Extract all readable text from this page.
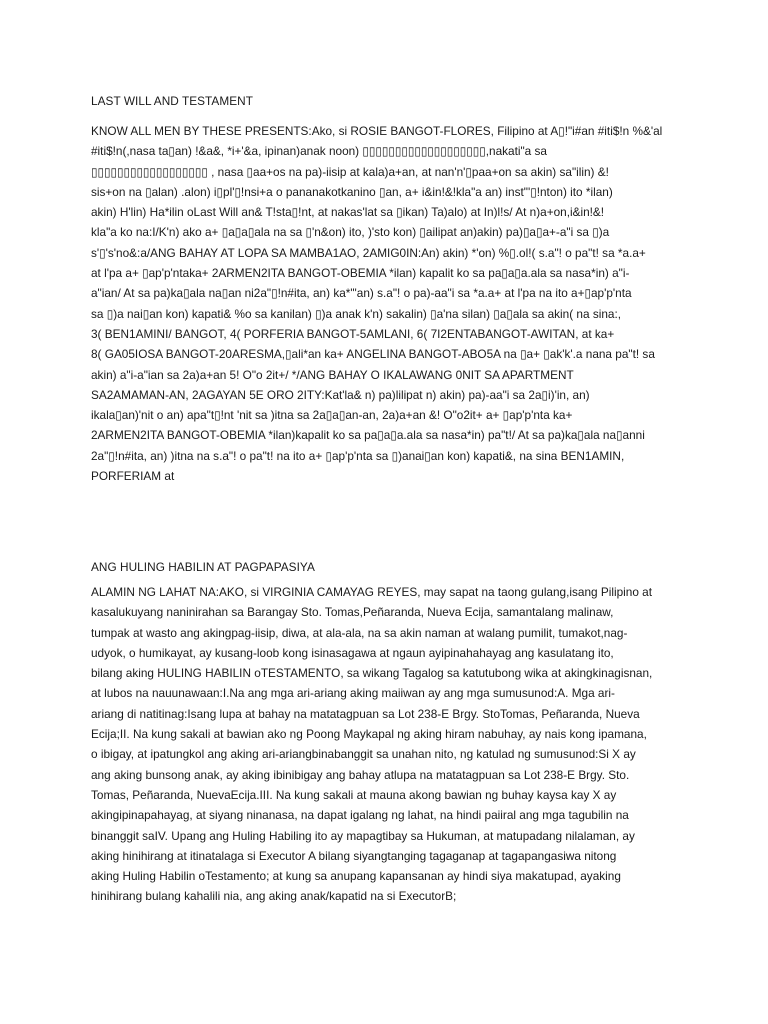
LAST WILL AND TESTAMENT
KNOW ALL MEN BY THESE PRESENTS:Ako, si ROSIE BANGOT-FLORES, Filipino at A▯!"i#an #iti$!n %&'al
#iti$!n(,nasa ta▯an) !&a&, *i+'&a, ipinan)anak noon) ▯▯▯▯▯▯▯▯▯▯▯▯▯▯▯▯▯▯▯,nakati"a sa
▯▯▯▯▯▯▯▯▯▯▯▯▯▯▯▯▯▯ , nasa ▯aa+os na pa)-iisip at kala)a+an, at nan'n'▯paa+on sa akin) sa"ilin) &!
sis+on na ▯alan) .alon) i▯pl'▯!nsi+a o pananakotkanino ▯an, a+ i&in!&!kla"a an) inst"'▯!nton) ito *ilan)
akin) H'lin) Ha*ilin oLast Will an& T!sta▯!nt, at nakas'lat sa ▯ikan) Ta)alo) at In)l!s/ At n)a+on,i&in!&!
kla"a ko na:I/K'n) ako a+ ▯a▯a▯ala na sa ▯'n&on) ito, )'sto kon) ▯ailipat an)akin) pa)▯a▯a+-a"i sa ▯)a
s'▯'s'no&:a/ANG BAHAY AT LOPA SA MAMBA1AO, 2AMIG0IN:An) akin) *'on) %▯.ol!( s.a"! o pa"t! sa *a.a+
at l'pa a+ ▯ap'p'ntaka+ 2ARMEN2ITA BANGOT-OBEMIA *ilan) kapalit ko sa pa▯a▯a.ala sa nasa*in) a"i-
a"ian/ At sa pa)ka▯ala na▯an ni2a"▯!n#ita, an) ka*"'an) s.a"! o pa)-aa"i sa *a.a+ at l'pa na ito a+▯ap'p'nta
sa ▯)a nai▯an kon) kapati& %o sa kanilan) ▯)a anak k'n) sakalin) ▯a'na silan) ▯a▯ala sa akin( na sina:,
3( BEN1AMINI/ BANGOT, 4( PORFERIA BANGOT-5AMLANI, 6( 7I2ENTABANGOT-AWITAN, at ka+
8( GA05IOSA BANGOT-20ARESMA,▯ali*an ka+ ANGELINA BANGOT-ABO5A na ▯a+ ▯ak'k'.a nana pa"t! sa
akin) a"i-a"ian sa 2a)a+an 5! O"o 2it+/ */ANG BAHAY O IKALAWANG 0NIT SA APARTMENT
SA2AMAMAN-AN, 2AGAYAN 5E ORO 2ITY:Kat'la& n) pa)lilipat n) akin) pa)-aa"i sa 2a▯i)'in, an)
ikala▯an)'nit o an) apa"t▯!nt 'nit sa )itna sa 2a▯a▯an-an, 2a)a+an &! O"o2it+ a+ ▯ap'p'nta ka+
2ARMEN2ITA BANGOT-OBEMIA *ilan)kapalit ko sa pa▯a▯a.ala sa nasa*in) pa"t!/ At sa pa)ka▯ala na▯anni
2a"▯!n#ita, an) )itna na s.a"! o pa"t! na ito a+ ▯ap'p'nta sa ▯)anai▯an kon) kapati&, na sina BEN1AMIN,
PORFERIAM at
ANG HULING HABILIN AT PAGPAPASIYA
ALAMIN NG LAHAT NA:AKO, si VIRGINIA CAMAYAG REYES, may sapat na taong gulang,isang Pilipino at
kasalukuyang naninirahan sa Barangay Sto. Tomas,Peñaranda, Nueva Ecija, samantalang malinaw,
tumpak at wasto ang akingpag-iisip, diwa, at ala-ala, na sa akin naman at walang pumilit, tumakot,nag-
udyok, o humikayat, ay kusang-loob kong isinasagawa at ngaun ayipinahahayag ang kasulatang ito,
bilang aking HULING HABILIN oTESTAMENTO, sa wikang Tagalog sa katutubong wika at akingkinagisnan,
at lubos na nauunawaan:I.Na ang mga ari-ariang aking maiiwan ay ang mga sumusunod:A. Mga ari-
ariang di natitinag:Isang lupa at bahay na matatagpuan sa Lot 238-E Brgy. StoTomas, Peñaranda, Nueva
Ecija;II. Na kung sakali at bawian ako ng Poong Maykapal ng aking hiram nabuhay, ay nais kong ipamana,
o ibigay, at ipatungkol ang aking ari-ariangbinabanggit sa unahan nito, ng katulad ng sumusunod:Si X ay
ang aking bunsong anak, ay aking ibinibigay ang bahay atlupa na matatagpuan sa Lot 238-E Brgy. Sto.
Tomas, Peñaranda, NuevaEcija.III. Na kung sakali at mauna akong bawian ng buhay kaysa kay X ay
akingipinapahayag, at siyang ninanasa, na dapat igalang ng lahat, na hindi paiiral ang mga tagubilin na
binanggit saIV. Upang ang Huling Habiling ito ay mapagtibay sa Hukuman, at matupadang nilalaman, ay
aking hinihirang at itinatalaga si Executor A bilang siyangtanging tagaganap at tagapangasiwa nitong
aking Huling Habilin oTestamento; at kung sa anupang kapansanan ay hindi siya makatupad, ayaking
hinihirang bulang kahalili nia, ang aking anak/kapatid na si ExecutorB;
